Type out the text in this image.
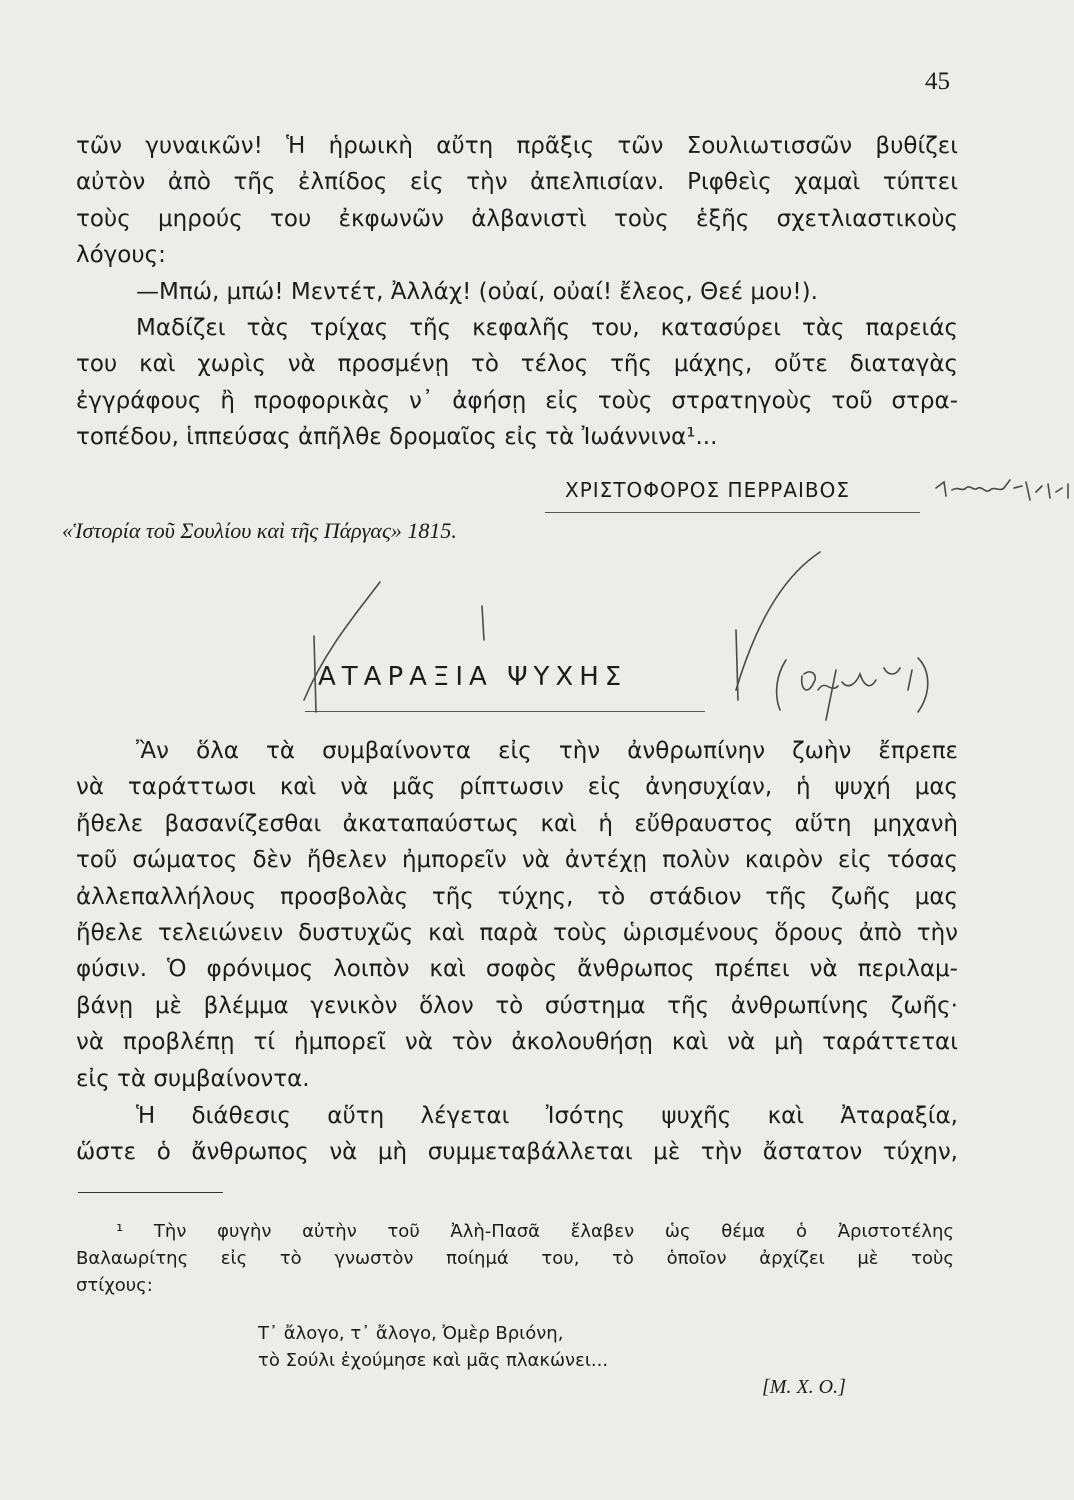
45
τῶν γυναικῶν! Ἡ ἡρωικὴ αὔτη πρᾶξις τῶν Σουλιωτισσῶν βυθίζει
αὐτὸν ἀπὸ τῆς ἐλπίδος εἰς τὴν ἀπελπισίαν. Ριφθεὶς χαμαὶ τύπτει
τοὺς μηρούς του ἐκφωνῶν ἀλβανιστὶ τοὺς ἑξῆς σχετλιαστικοὺς
λόγους:
—Μπώ, μπώ! Μεντέτ, Ἀλλάχ! (οὐαί, οὐαί! ἔλεος, Θεέ μου!).
Μαδίζει τὰς τρίχας τῆς κεφαλῆς του, κατασύρει τὰς παρειάς
του καὶ χωρὶς νὰ προσμένῃ τὸ τέλος τῆς μάχης, οὔτε διαταγὰς
ἐγγράφους ἢ προφορικὰς ν᾽ ἀφήσῃ εἰς τοὺς στρατηγοὺς τοῦ στρα-
τοπέδου, ἱππεύσας ἀπῆλθε δρομαῖος εἰς τὰ Ἰωάννινα¹...
ΧΡΙΣΤΟΦΟΡΟΣ ΠΕΡΡΑΙΒΟΣ
«Ἱστορία τοῦ Σουλίου καὶ τῆς Πάργας» 1815.
ΑΤΑΡΑΞΙΑ ΨΥΧΗΣ
Ἂν ὅλα τὰ συμβαίνοντα εἰς τὴν ἀνθρωπίνην ζωὴν ἔπρεπε
νὰ ταράττωσι καὶ νὰ μᾶς ρίπτωσιν εἰς ἀνησυχίαν, ἡ ψυχή μας
ἤθελε βασανίζεσθαι ἀκαταπαύστως καὶ ἡ εὔθραυστος αὕτη μηχανὴ
τοῦ σώματος δὲν ἤθελεν ἠμπορεῖν νὰ ἀντέχῃ πολὺν καιρὸν εἰς τόσας
ἀλλεπαλλήλους προσβολὰς τῆς τύχης, τὸ στάδιον τῆς ζωῆς μας
ἤθελε τελειώνειν δυστυχῶς καὶ παρὰ τοὺς ὡρισμένους ὅρους ἀπὸ τὴν
φύσιν. Ὁ φρόνιμος λοιπὸν καὶ σοφὸς ἄνθρωπος πρέπει νὰ περιλαμ-
βάνῃ μὲ βλέμμα γενικὸν ὅλον τὸ σύστημα τῆς ἀνθρωπίνης ζωῆς·
νὰ προβλέπῃ τί ἠμπορεῖ νὰ τὸν ἀκολουθήσῃ καὶ νὰ μὴ ταράττεται
εἰς τὰ συμβαίνοντα.
Ἡ διάθεσις αὕτη λέγεται Ἰσότης ψυχῆς καὶ Ἀταραξία,
ὥστε ὁ ἄνθρωπος νὰ μὴ συμμεταβάλλεται μὲ τὴν ἄστατον τύχην,
¹ Τὴν φυγὴν αὐτὴν τοῦ Ἀλὴ-Πασᾶ ἔλαβεν ὡς θέμα ὁ Ἀριστοτέλης
Βαλαωρίτης εἰς τὸ γνωστὸν ποίημά του, τὸ ὁποῖον ἀρχίζει μὲ τοὺς
στίχους:
Τ᾽ ἄλογο, τ᾽ ἄλογο, Ὀμὲρ Βριόνη,
τὸ Σούλι ἐχούμησε καὶ μᾶς πλακώνει...
[Μ. Χ. Ο.]
